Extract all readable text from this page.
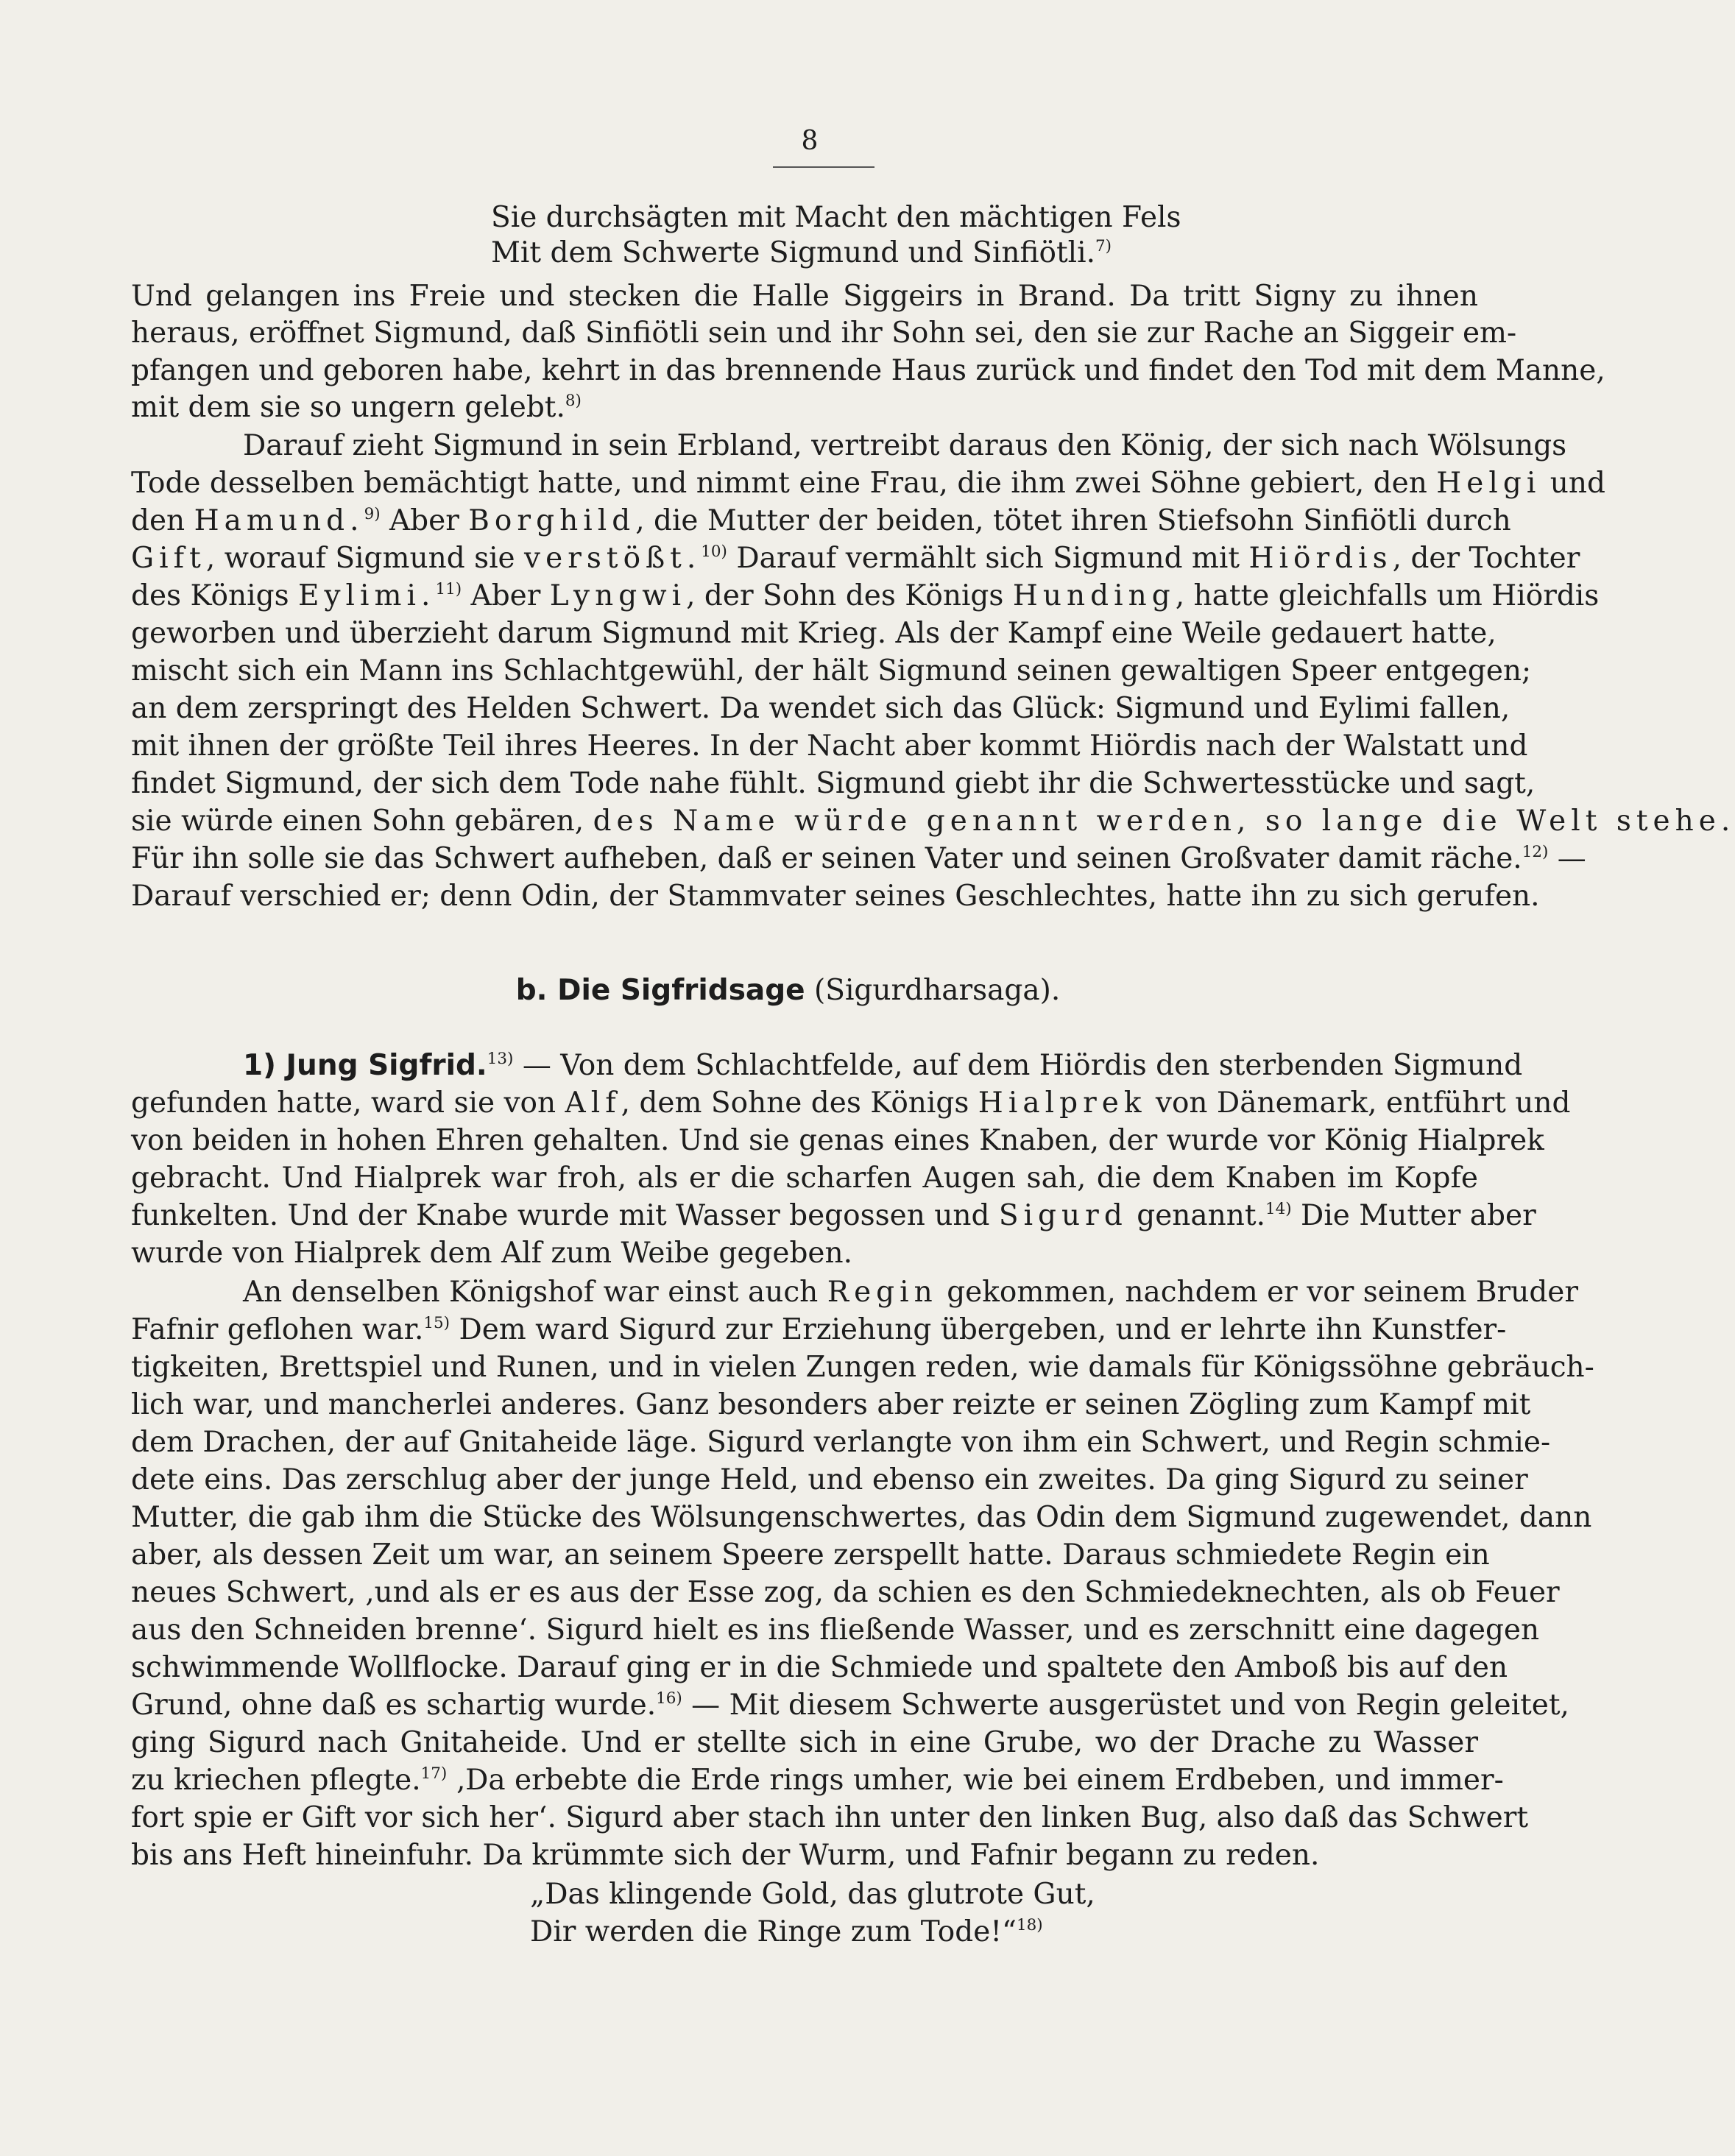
8
Sie durchsägten mit Macht den mächtigen Fels
Mit dem Schwerte Sigmund und Sinfiötli.$^{7)}$
Und gelangen ins Freie und stecken die Halle Siggeirs in Brand. Da tritt Signy zu ihnen
heraus, eröffnet Sigmund, daß Sinfiötli sein und ihr Sohn sei, den sie zur Rache an Siggeir em-
pfangen und geboren habe, kehrt in das brennende Haus zurück und findet den Tod mit dem Manne,
mit dem sie so ungern gelebt.$^{8)}$
Darauf zieht Sigmund in sein Erbland, vertreibt daraus den König, der sich nach Wölsungs
Tode desselben bemächtigt hatte, und nimmt eine Frau, die ihm zwei Söhne gebiert, den Helgi und
den Hamund.$^{9)}$ Aber Borghild, die Mutter der beiden, tötet ihren Stiefsohn Sinfiötli durch
Gift, worauf Sigmund sie verstößt.$^{10)}$ Darauf vermählt sich Sigmund mit Hiördis, der Tochter
des Königs Eylimi.$^{11)}$ Aber Lyngwi, der Sohn des Königs Hunding, hatte gleichfalls um Hiördis
geworben und überzieht darum Sigmund mit Krieg. Als der Kampf eine Weile gedauert hatte,
mischt sich ein Mann ins Schlachtgewühl, der hält Sigmund seinen gewaltigen Speer entgegen;
an dem zerspringt des Helden Schwert. Da wendet sich das Glück: Sigmund und Eylimi fallen,
mit ihnen der größte Teil ihres Heeres. In der Nacht aber kommt Hiördis nach der Walstatt und
findet Sigmund, der sich dem Tode nahe fühlt. Sigmund giebt ihr die Schwertesstücke und sagt,
sie würde einen Sohn gebären, des Name würde genannt werden, so lange die Welt stehe.
Für ihn solle sie das Schwert aufheben, daß er seinen Vater und seinen Großvater damit räche.$^{12)}$ —
Darauf verschied er; denn Odin, der Stammvater seines Geschlechtes, hatte ihn zu sich gerufen.
b. Die Sigfridsage (Sigurdharsaga).
1) Jung Sigfrid.$^{13)}$ — Von dem Schlachtfelde, auf dem Hiördis den sterbenden Sigmund
gefunden hatte, ward sie von Alf, dem Sohne des Königs Hialprek von Dänemark, entführt und
von beiden in hohen Ehren gehalten. Und sie genas eines Knaben, der wurde vor König Hialprek
gebracht. Und Hialprek war froh, als er die scharfen Augen sah, die dem Knaben im Kopfe
funkelten. Und der Knabe wurde mit Wasser begossen und Sigurd genannt.$^{14)}$ Die Mutter aber
wurde von Hialprek dem Alf zum Weibe gegeben.
An denselben Königshof war einst auch Regin gekommen, nachdem er vor seinem Bruder
Fafnir geflohen war.$^{15)}$ Dem ward Sigurd zur Erziehung übergeben, und er lehrte ihn Kunstfer-
tigkeiten, Brettspiel und Runen, und in vielen Zungen reden, wie damals für Königssöhne gebräuch-
lich war, und mancherlei anderes. Ganz besonders aber reizte er seinen Zögling zum Kampf mit
dem Drachen, der auf Gnitaheide läge. Sigurd verlangte von ihm ein Schwert, und Regin schmie-
dete eins. Das zerschlug aber der junge Held, und ebenso ein zweites. Da ging Sigurd zu seiner
Mutter, die gab ihm die Stücke des Wölsungenschwertes, das Odin dem Sigmund zugewendet, dann
aber, als dessen Zeit um war, an seinem Speere zerspellt hatte. Daraus schmiedete Regin ein
neues Schwert, ‚und als er es aus der Esse zog, da schien es den Schmiedeknechten, als ob Feuer
aus den Schneiden brenne‘. Sigurd hielt es ins fließende Wasser, und es zerschnitt eine dagegen
schwimmende Wollflocke. Darauf ging er in die Schmiede und spaltete den Amboß bis auf den
Grund, ohne daß es schartig wurde.$^{16)}$ — Mit diesem Schwerte ausgerüstet und von Regin geleitet,
ging Sigurd nach Gnitaheide. Und er stellte sich in eine Grube, wo der Drache zu Wasser
zu kriechen pflegte.$^{17)}$ ‚Da erbebte die Erde rings umher, wie bei einem Erdbeben, und immer-
fort spie er Gift vor sich her‘. Sigurd aber stach ihn unter den linken Bug, also daß das Schwert
bis ans Heft hineinfuhr. Da krümmte sich der Wurm, und Fafnir begann zu reden.
„Das klingende Gold, das glutrote Gut,
Dir werden die Ringe zum Tode!“$^{18)}$
